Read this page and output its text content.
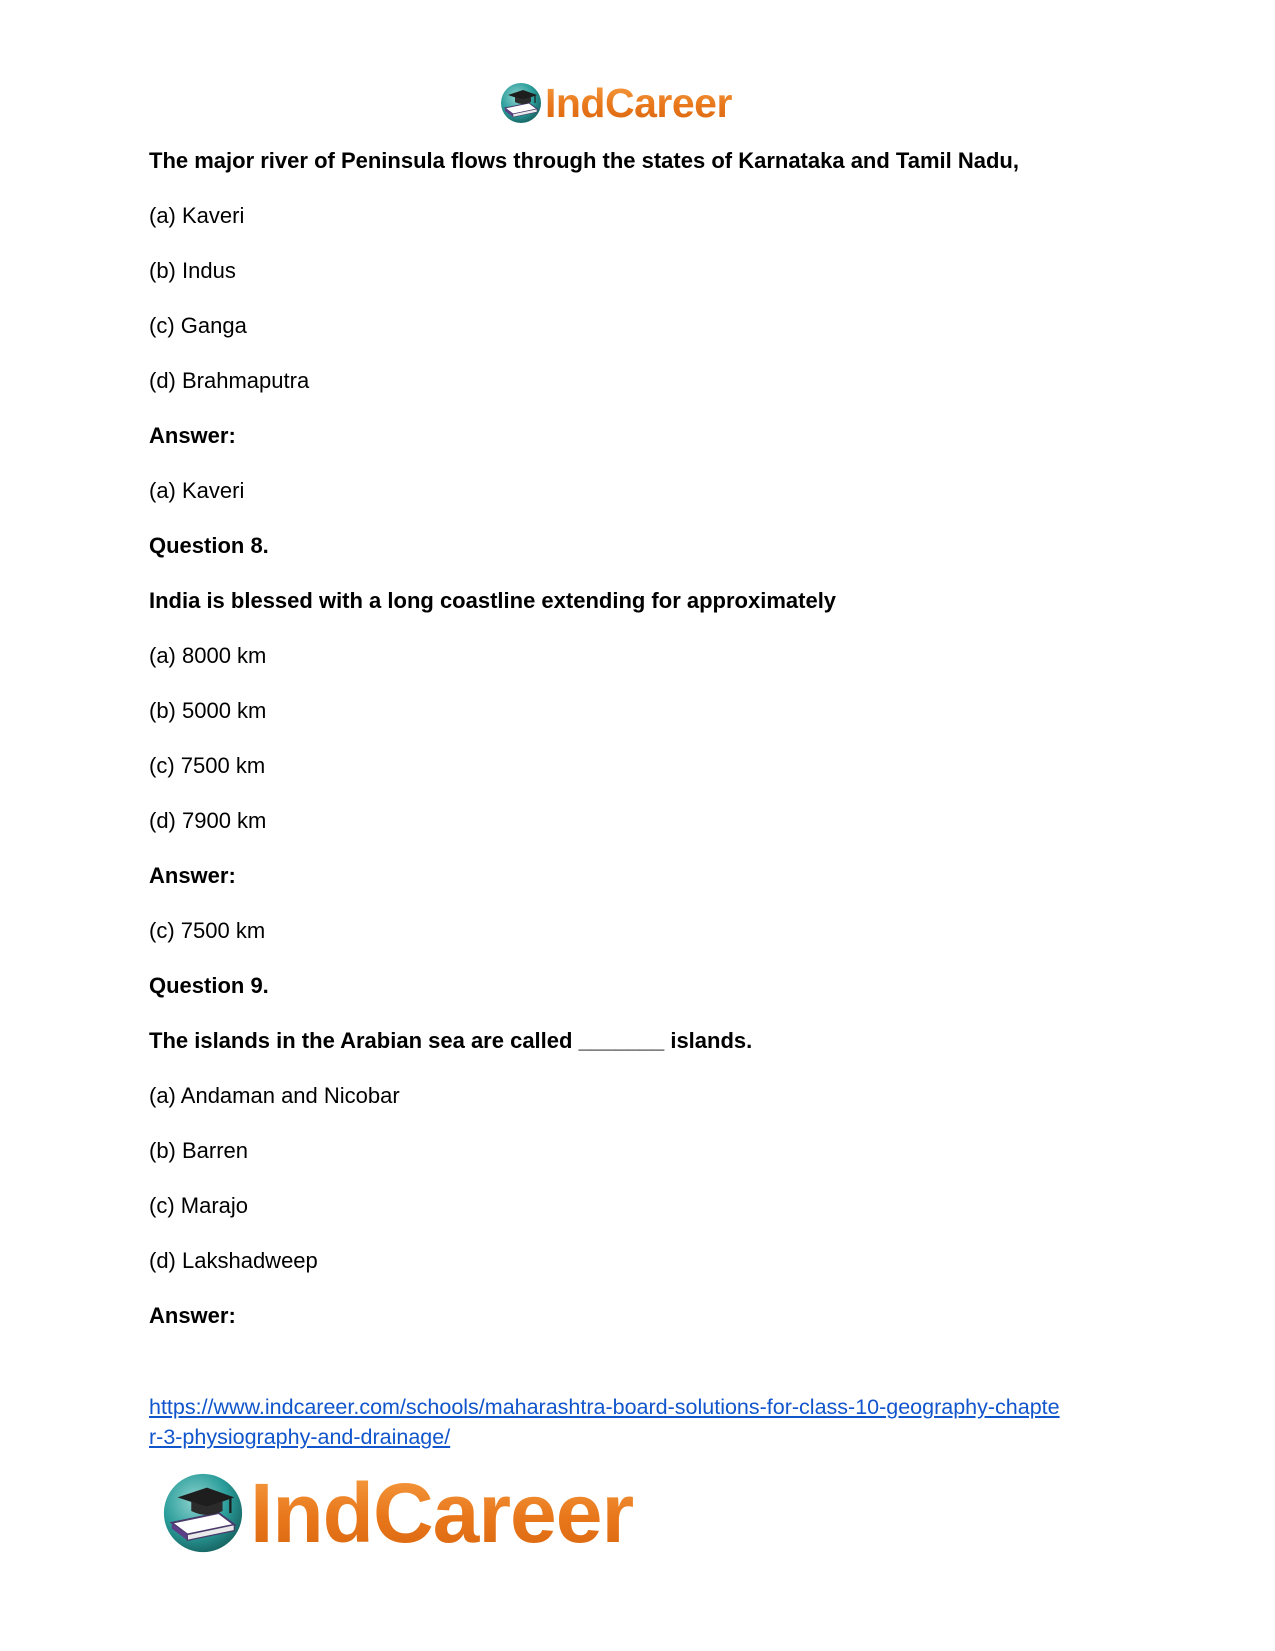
IndCareer
The major river of Peninsula flows through the states of Karnataka and Tamil Nadu,
(a) Kaveri
(b) Indus
(c) Ganga
(d) Brahmaputra
Answer:
(a) Kaveri
Question 8.
India is blessed with a long coastline extending for approximately
(a) 8000 km
(b) 5000 km
(c) 7500 km
(d) 7900 km
Answer:
(c) 7500 km
Question 9.
The islands in the Arabian sea are called _______ islands.
(a) Andaman and Nicobar
(b) Barren
(c) Marajo
(d) Lakshadweep
Answer:
https://www.indcareer.com/schools/maharashtra-board-solutions-for-class-10-geography-chapte
r-3-physiography-and-drainage/
IndCareer
